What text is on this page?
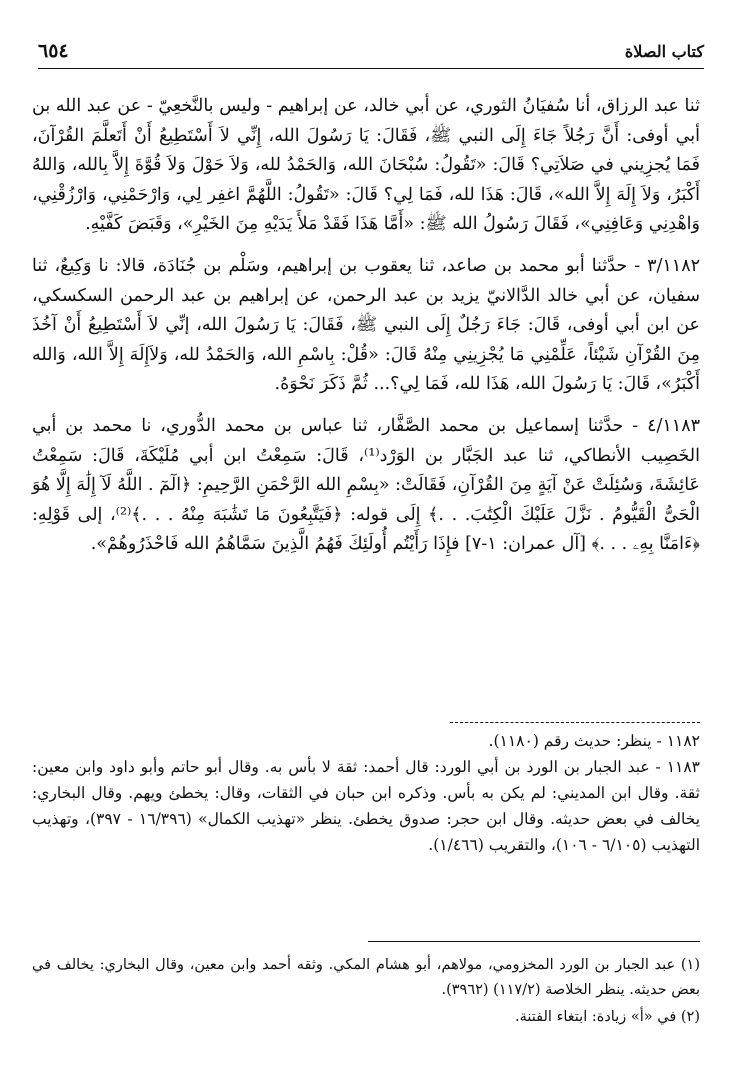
كتاب الصلاة
٦٥٤

ثنا عبد الرزاق، أنا سُفيَانُ الثوري، عن أبي خالد، عن إبراهيم - وليس بالنَّخعِيّ - عن عبد الله بن أبي أوفى: أَنَّ رَجُلاً جَاءَ إِلَى النبي ﷺ، فَقَالَ: يَا رَسُولَ الله، إِنِّي لاَ أَسْتَطِيعُ أَنْ أَتَعلَّمَ القُرْآنَ، فَمَا يُجزِيني في صَلاَتِي؟ قَالَ: «تَقُولُ: سُبْحَانَ الله، وَالحَمْدُ لله، وَلاَ حَوْلَ وَلاَ قُوَّةَ إِلاَّ بِالله، وَاللهُ أَكْبَرُ، وَلاَ إِلَهَ إِلاَّ الله»، قَالَ: هَذَا لله، فَمَا لِي؟ قَالَ: «تَقُولُ: اللَّهُمَّ اغفِر لِي، وَارْحَمْنِي، وَارْزُقْنِي، وَاهْدِنِي وَعَافِنِي»، فَقَالَ رَسُولُ الله ﷺ: «أَمَّا هَذَا فَقَدْ مَلأَ يَدَيْهِ مِنَ الخَيْرِ»، وَقَبَضَ كَفَّيْهِ.

٣/١١٨٢ - حدَّثنا أبو محمد بن صاعد، ثنا يعقوب بن إبراهيم، وسَلْم بن جُنَادَة، قالا: نا وَكِيعٌ، ثنا سفيان، عن أبي خالد الدَّالانيّ يزيد بن عبد الرحمن، عن إبراهيم بن عبد الرحمن السكسكي، عن ابن أبي أوفى، قَالَ: جَاءَ رَجُلٌ إِلَى النبي ﷺ، فَقَالَ: يَا رَسُولَ الله، إنِّي لاَ أَسْتَطِيعُ أَنْ آخُذَ مِنَ القُرْآنِ شَيْئاً، عَلِّمْنِي مَا يُجْزِينِي مِنْهُ قَالَ: «قُلْ: بِاسْمِ الله، وَالحَمْدُ لله، وَلاَإِلَهَ إِلاَّ الله، وَالله أَكْبَرُ»، قَالَ: يَا رَسُولَ الله، هَذَا لله، فَمَا لِي؟... ثُمَّ ذَكَرَ نَحْوَهُ.

٤/١١٨٣ - حدَّثنا إسماعيل بن محمد الصَّفَّار، ثنا عباس بن محمد الدُّوري، نا محمد بن أبي الخَصِيب الأنطاكي، ثنا عبد الجَبَّار بن الوَرْد⁽¹⁾، قَالَ: سَمِعْتُ ابن أبي مُلَيْكَةَ، قَالَ: سَمِعْتُ عَائِشَةَ، وَسُئِلَتْ عَنْ آيَةٍ مِنَ القُرْآنِ، فَقَالَتْ: «بِسْمِ الله الرَّحْمَنِ الرَّحِيمِ: ﴿الٓمٓ . اللَّهُ لَآ إِلَٰهَ إِلَّا هُوَ الْحَىُّ الْقَيُّومُ . نَزَّلَ عَلَيْكَ الْكِتَٰبَ. . .﴾ إِلَى قوله: ﴿فَيَتَّبِعُونَ مَا تَشَٰبَهَ مِنْهُ . . .﴾⁽²⁾، إلى قَوْلِهِ: ﴿ءَامَنَّا بِهِۦ . . .﴾ [آل عمران: ١-٧] فإِذَا رَأَيْتُم أُولَئِكَ فَهُمُ الَّذِينَ سَمَّاهُمُ الله فَاحْذَرُوهُمْ».

١١٨٢ - ينظر: حديث رقم (١١٨٠).

١١٨٣ - عبد الجبار بن الورد بن أبي الورد: قال أحمد: ثقة لا بأس به. وقال أبو حاتم وأبو داود وابن معين: ثقة. وقال ابن المديني: لم يكن به بأس. وذكره ابن حبان في الثقات، وقال: يخطئ ويهم. وقال البخاري: يخالف في بعض حديثه. وقال ابن حجر: صدوق يخطئ. ينظر «تهذيب الكمال» (١٦/٣٩٦ - ٣٩٧)، وتهذيب التهذيب (٦/١٠٥ - ١٠٦)، والتقريب (١/٤٦٦).

(١) عبد الجبار بن الورد المخزومي، مولاهم، أبو هشام المكي. وثقه أحمد وابن معين، وقال البخاري: يخالف في بعض حديثه. ينظر الخلاصة (١١٧/٢) (٣٩٦٢).

(٢) في «أ» زيادة: ابتغاء الفتنة.
